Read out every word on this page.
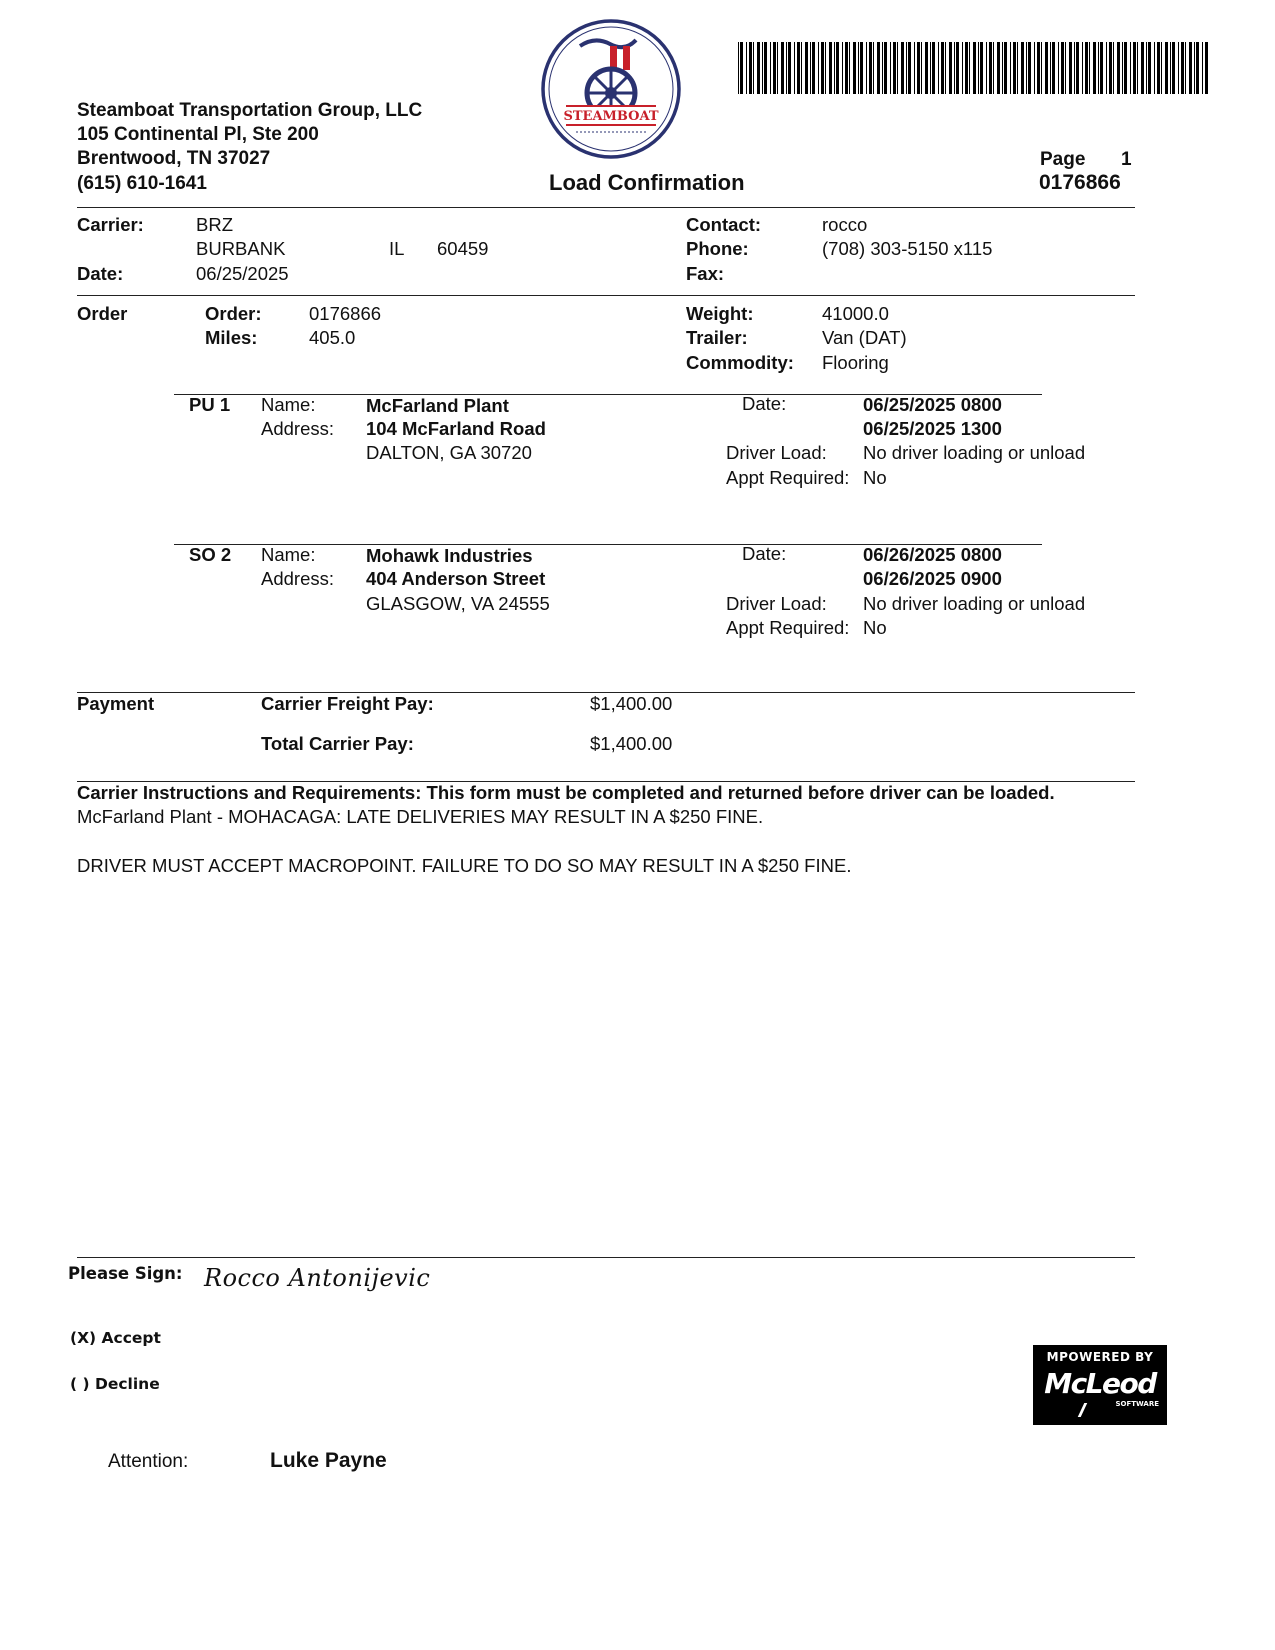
Steamboat Transportation Group, LLC
105 Continental Pl, Ste 200
Brentwood, TN 37027
(615) 610-1641
STEAMBOAT
Load Confirmation
Page 1
0176866
Carrier:	BRZ
BURBANK	IL 60459
Date:	06/25/2025
Contact:	rocco
Phone:	(708) 303-5150 x115
Fax:
Order	Order:	0176866
Miles:	405.0
Weight:	41000.0
Trailer:	Van (DAT)
Commodity: Flooring
PU 1 Name:	McFarland Plant
Address: 104 McFarland Road
DALTON, GA 30720
Date:	06/25/2025 0800
06/25/2025 1300
Driver Load: No driver loading or unload
Appt Required: No
SO 2 Name:	Mohawk Industries
Address: 404 Anderson Street
GLASGOW, VA 24555
Date:	06/26/2025 0800
06/26/2025 0900
Driver Load: No driver loading or unload
Appt Required: No
Payment	Carrier Freight Pay:	$1,400.00
Total Carrier Pay:	$1,400.00
Carrier Instructions and Requirements: This form must be completed and returned before driver can be loaded.
McFarland Plant - MOHACAGA: LATE DELIVERIES MAY RESULT IN A $250 FINE.
DRIVER MUST ACCEPT MACROPOINT. FAILURE TO DO SO MAY RESULT IN A $250 FINE.
Please Sign: Rocco Antonijevic
(X) Accept
( ) Decline
Attention:	Luke Payne
MPOWERED BY
McLeod
SOFTWARE
